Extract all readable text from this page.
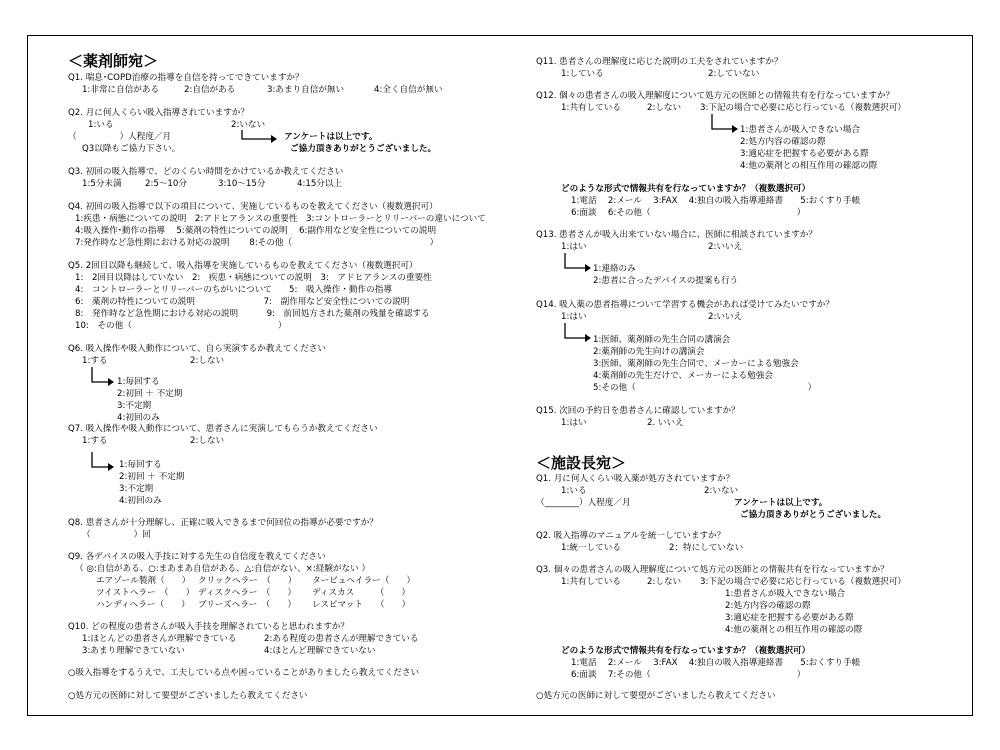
＜薬剤師宛＞
Q1. 喘息･COPD治療の指導を自信を持ってできていますか？
1:非常に自信がある	2:自信がある	3:あまり自信が無い	4:全く自信が無い
Q2. 月に何人くらい吸入指導されていますか？
1:いる	2:いない
（　　　　　）人程度／月
Q3以降もご協力下さい。
アンケートは以上です。
ご協力頂きありがとうございました。
Q3. 初回の吸入指導で、どのくらい時間をかけているか教えてください
1:5分未満	2:5～10分	3:10～15分	4:15分以上
Q4. 初回の吸入指導で以下の項目について、実施しているものを教えてください（複数選択可）
1:疾患・病態についての説明　2:アドヒアランスの重要性　3:コントローラーとリリーバーの違いについて
4:吸入操作･動作の指導　 5:薬剤の特性についての説明　 6:副作用など安全性についての説明
7:発作時など急性期における対応の説明　　 8:その他（　　　　　　　　　　　　　　　　）
Q5. 2回目以降も継続して、吸入指導を実施しているものを教えてください（複数選択可）
1:　2回目以降はしていない　2:　疾患・病態についての説明　3:　アドヒアランスの重要性
4:　コントローラーとリリーバーのちがいについて　　5:　吸入操作・動作の指導
6:　薬剤の特性についての説明　　　　　　　　7:　副作用など安全性についての説明
8:　発作時など急性期における対応の説明　　　 9:　前回処方された薬剤の残量を確認する
10:　その他（　　　　　　　　　　　　　　　　　）
Q6. 吸入操作や吸入動作について、自ら実演するか教えてください
1:する	2:しない
1:毎回する
2:初回 ＋ 不定期
3:不定期
4:初回のみ
Q7. 吸入操作や吸入動作について、患者さんに実演してもらうか教えてください
1:する	2:しない
1:毎回する
2:初回 ＋ 不定期
3:不定期
4:初回のみ
Q8. 患者さんが十分理解し、正確に吸入できるまで何回位の指導が必要ですか？
（　　　　　）回
Q9. 各デバイスの吸入手技に対する先生の自信度を教えてください
（ ◎:自信がある、○:まあまあ自信がある、△:自信がない、×:経験がない ）
エアゾール製剤（　　） クリックヘラー　（　　） タービュヘイラー（　　）
ツイストヘラー　（　　） ディスクヘラー　（　　） ディスカス　　　（　　）
ハンディヘラー（　　） ブリーズヘラー　（　　） レスピマット　　（　　）
Q10. どの程度の患者さんが吸入手技を理解されていると思われますか？
1:ほとんどの患者さんが理解できている	2:ある程度の患者さんが理解できている
3:あまり理解できていない	4:ほとんど理解できていない
○吸入指導をするうえで、工夫している点や困っていることがありましたら教えてください
○処方元の医師に対して要望がございましたら教えてください
Q11. 患者さんの理解度に応じた説明の工夫をされていますか？
1:している	2:していない
Q12. 個々の患者さんの吸入理解度について処方元の医師との情報共有を行なっていますか？
1:共有している	2:しない 3:下記の場合で必要に応じ行っている（複数選択可）
1:患者さんが吸入できない場合
2:処方内容の確認の際
3:適応症を把握する必要がある際
4:他の薬剤との相互作用の確認の際
どのような形式で情報共有を行なっていますか？（複数選択可）
1:電話　 2:メール　 3:FAX　 4:独自の吸入指導連絡書　　5:おくすり手帳
6:面談　 6:その他（　　　　　　　　　　　　　　　　　）
Q13. 患者さんが吸入出来ていない場合に、医師に相談されていますか？
1:はい	2:いいえ
1:連絡のみ
2:患者に合ったデバイスの提案も行う
Q14. 吸入薬の患者指導について学習する機会があれば受けてみたいですか？
1:はい	2:いいえ
1:医師、薬剤師の先生合同の講演会
2:薬剤師の先生向けの講演会
3:医師、薬剤師の先生合同で、メーカーによる勉強会
4:薬剤師の先生だけで、メーカーによる勉強会
5:その他（　　　　　　　　　　　　　　　　　　　　）
Q15. 次回の予約日を患者さんに確認していますか？
1:はい	2. いいえ
＜施設長宛＞
Q1. 月に何人くらい吸入薬が処方されていますか？
1:いる	2:いない
（________）人程度／月	アンケートは以上です。
ご協力頂きありがとうございました。
Q2. 吸入指導のマニュアルを統一していますか？
1:統一している	2：特にしていない
Q3. 個々の患者さんの吸入理解度について処方元の医師との情報共有を行なっていますか？
1:共有している	2:しない 3:下記の場合で必要に応じ行っている（複数選択可）
1:患者さんが吸入できない場合
2:処方内容の確認の際
3:適応症を把握する必要がある際
4:他の薬剤との相互作用の確認の際
どのような形式で情報共有を行なっていますか？（複数選択可）
1:電話　 2:メール　 3:FAX　 4:独自の吸入指導連絡書　　5:おくすり手帳
6:面談　 7:その他（　　　　　　　　　　　　　　　　　）
○処方元の医師に対して要望がございましたら教えてください
